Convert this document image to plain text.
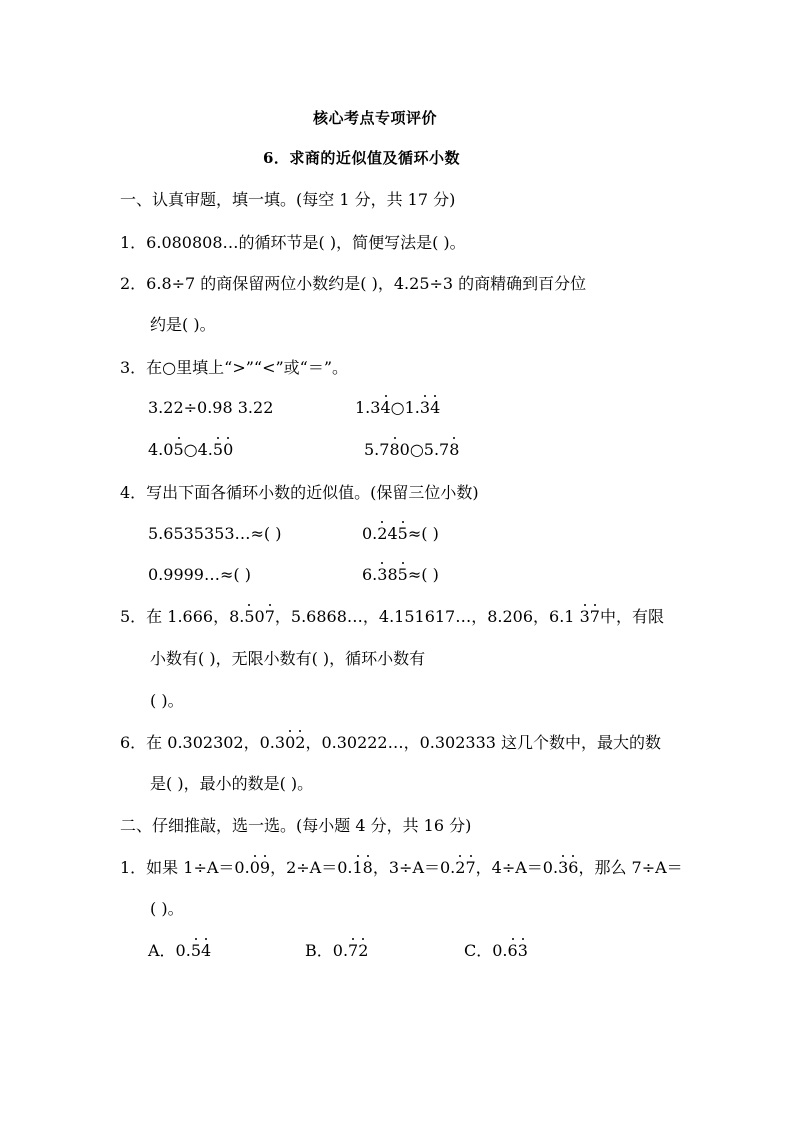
核心考点专项评价
6．求商的近似值及循环小数
一、认真审题，填一填。(每空 1 分，共 17 分)
1．6.080808…的循环节是( )，简便写法是( )。
2．6.8÷7 的商保留两位小数约是( )，4.25÷3 的商精确到百分位
约是( )。
3．在○里填上“>”“<”或“＝”。
3.22÷0.98 3.22	1.34○1.34
4.05○4.50	5.780○5.78
4．写出下面各循环小数的近似值。(保留三位小数)
5.6535353…≈( )	0.245≈( )
0.9999…≈( )	6.385≈( )
5．在 1.666，8.507，5.6868…，4.151617…，8.206，6.1 37中，有限
小数有( )，无限小数有( )，循环小数有
( )。
6．在 0.302302，0.302，0.30222…，0.302333 这几个数中，最大的数
是( )，最小的数是( )。
二、仔细推敲，选一选。(每小题 4 分，共 16 分)
1．如果 1÷A＝0.09，2÷A＝0.18，3÷A＝0.27，4÷A＝0.36，那么 7÷A＝
( )。
A．0.54	B．0.72	C．0.63
